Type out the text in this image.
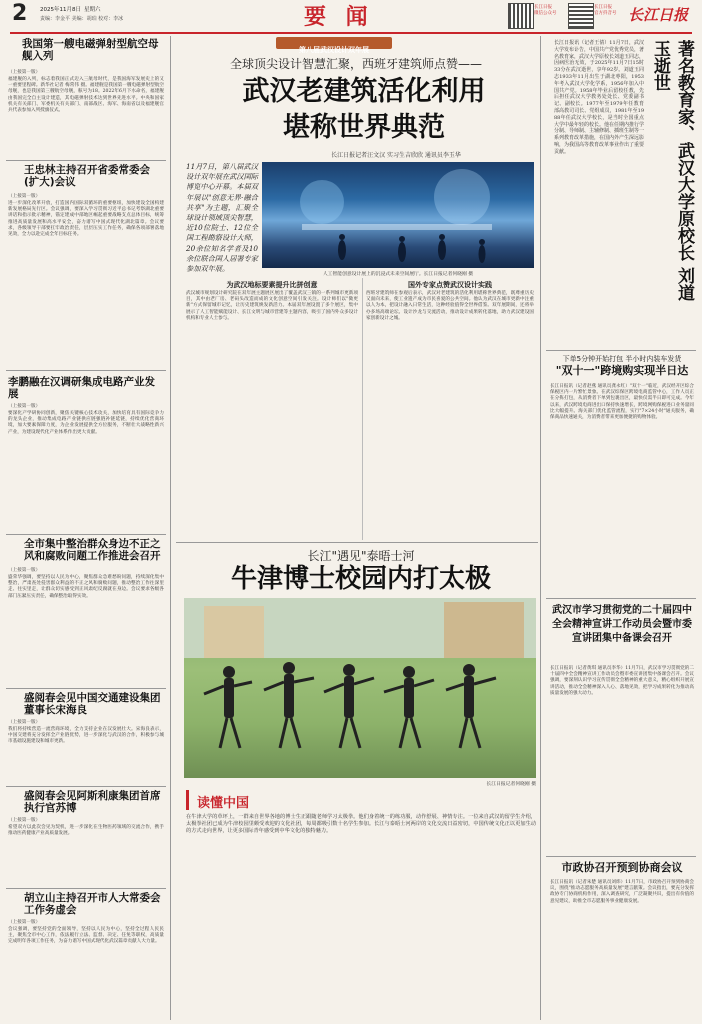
2 2025年11月8日 星期六
责编：李金平 美编：胡珀 校对：李冰	要 闻	长江日报
微信公众号
长江日报
官方抖音号 长江日报
我国第一艘电磁弹射型航空母舰入列
（上接第一版）
福建舰的入列，标志着我国正式迈入三航母时代，是我国海军发展史上的又一重要里程碑。新华社记者 梅常伟 摄。福建舰是我国第一艘电磁弹射型航空母舰，也是我国第三艘航空母舰，舷号为18。2022年6月下水命名，福建舰由我国完全自主设计建造，其电磁弹射技术达到世界先进水平。中央和国家机关有关部门、军委机关有关部门、南部战区、海军、海南省以及福建舰官兵代表参加入列授旗仪式。
王忠林主持召开省委常委会(扩大)会议
（上接第一版）
进一步深化改革开放，打造国内国际双循环的重要枢纽，加快建设全国构建新发展格局先行区。会议强调，要深入学习贯彻习近平总书记考察湖北重要讲话和指示批示精神，锚定建成中部地区崛起重要战略支点总体目标，统筹推进高质量发展和高水平安全，奋力谱写中国式现代化湖北篇章。会议要求，各级领导干部要扛牢政治责任，层层压实工作任务，确保各项部署落地见效，全力以赴完成全年目标任务。
李鹏融在汉调研集成电路产业发展
（上接第一版）
要深化产学研协同创新，聚焦关键核心技术攻关，加快培育具有国际竞争力的龙头企业，推动集成电路产业链供应链强链补链延链，持续优化营商环境，加大要素保障力度，为企业发展提供全方位服务，不断壮大战略性新兴产业，为建设现代化产业体系作出更大贡献。
全市集中整治群众身边不正之风和腐败问题工作推进会召开
（上接第一版）
盛荣华强调，要坚持以人民为中心，聚焦群众急难愁盼问题，持续深化集中整治，严肃查处侵害群众利益的不正之风和腐败问题，推动整治工作往深里走、往实里走，让群众切实感受到正风肃纪反腐就在身边。会议要求各级各部门压紧压实责任，确保整治取得实效。
盛阅春会见中国交通建设集团董事长宋海良
（上接第一版）
我们将持续营造一流营商环境，全力支持企业在汉发展壮大。宋海良表示，中国交建将充分发挥全产业链优势，进一步深化与武汉的合作，积极参与城市基础设施建设和城市更新。
盛阅春会见阿斯利康集团首席执行官苏博
（上接第一版）
希望双方以此次会见为契机，进一步深化在生物医药领域的交流合作，携手推动医药健康产业高质量发展。
胡立山主持召开市人大常委会工作务虚会
（上接第一版）
会议强调，要坚持党的全面领导，坚持以人民为中心，坚持全过程人民民主，聚焦全市中心工作，依法履行立法、监督、决定、任免等职权，高质量完成明年各项工作任务，为奋力谱写中国式现代化武汉篇章贡献人大力量。
第八届武汉设计双年展
全球顶尖设计智慧汇聚，西班牙建筑师点赞——
武汉老建筑活化利用
堪称世界典范
长江日报记者汪文汉 实习生吉欣欣 通讯员李玉华
11月7日，第八届武汉设计双年展在武汉国际博览中心开幕。本届双年展以"创意无界·融合共享"为主题，汇聚全球设计领域顶尖智慧，近10位院士、12位全国工程勘察设计大师，20余位知名学者及10余位联合国人居署专家参加双年展。
人工智能创意设计展上的沉浸式未来空间展厅。长江日报记者何晓刚 摄
为武汉地标要素提升比拼创意
武汉城市规划设计研究院在双年展主题展区展出了覆盖武汉三镇的一系列城市更新项目，其中由老厂房、老码头改造而成的文化创意空间引发关注。设计师们以"微更新"方式保留城市记忆，让历史建筑焕发新活力。本届双年展设置了多个展区，集中展示了人工智能赋能设计、长江文明与城市营建等主题内容，吸引了国内外众多设计机构和专业人士参与。
国外专家点赞武汉设计实践
西班牙建筑师在参观后表示，武汉对老建筑的活化利用堪称世界典范，既尊重历史又面向未来，使工业遗产成为市民喜爱的公共空间。他认为武汉在城市更新中注重以人为本，把设计融入日常生活，这种经验值得全世界借鉴。双年展期间，还将举办多场高端论坛、设计沙龙与交流活动，推动设计成果转化落地，助力武汉建设国家创新设计之城。
长江"遇见"泰晤士河
牛津博士校园内打太极
长江日报记者何晓刚 摄
读懂中国
在牛津大学的草坪上，一群来自世界各地的博士生正跟随老师学习太极拳。他们身着统一的练功服，动作舒展、神情专注。一位来自武汉的留学生介绍，太极拳社团已成为牛津校园里颇受欢迎的文化社团，每周都吸引数十名学生参加。长江与泰晤士河两岸的文化交流日益密切，中国传统文化正以更加生动的方式走向世界，让更多国际青年感受到中华文化的独特魅力。
著名教育家、武汉大学原校长 刘道玉逝世
长江日报讯（记者王倩）11月7日，武汉大学发布讣告，中国共产党优秀党员，著名教育家，武汉大学原校长刘道玉同志，因病医治无效，于2025年11月7日15时33分在武汉逝世，享年92岁。刘道玉同志1933年11月出生于湖北枣阳，1953年考入武汉大学化学系，1956年加入中国共产党。1958年毕业后留校任教，先后担任武汉大学教务处处长、党委副书记、副校长。1977年至1979年任教育部高教司司长、党组成员，1981年至1988年任武汉大学校长，是当时全国重点大学中最年轻的校长。他在任期内推行学分制、导师制、主辅修制、插班生制等一系列教育改革措施，在国内外产生深远影响，为我国高等教育改革事业作出了重要贡献。
下单5分钟开始打包 半小时内装车发货
"双十一"跨境购实现半日达
长江日报讯（记者赵燕 通讯员龚永红）"双十一"临近，武汉经开区综合保税区内一片繁忙景象。在武汉综保区跨境电商监管中心，工作人员正在分拣打包，从消费者下单到包裹出区，最快仅需半日即可完成。今年以来，武汉跨境电商进出口保持快速增长，跨境网购保税进口业务量同比大幅提升。海关部门优化监管流程，实行"7×24小时"通关服务，确保商品快速通关，为消费者带来更加便捷的购物体验。
武汉市学习贯彻党的二十届四中全会精神宣讲工作动员会暨市委宣讲团集中备课会召开
长江日报讯（记者黄琪 通讯员李华）11月7日，武汉市学习贯彻党的二十届四中全会精神宣讲工作动员会暨市委宣讲团集中备课会召开。会议强调，要深刻认识学习宣传贯彻全会精神的重大意义，精心组织开展宣讲活动，推动全会精神深入人心、落地见效，把学习成果转化为推动高质量发展的强大动力。
市政协召开预到协商会议
长江日报讯（记者朱楚 通讯员刘炜）11月7日，市政协召开预到协商会议，围绕"推动志愿服务高质量发展"建言献策。会议指出，要充分发挥政协专门协商机构作用，深入调查研究，广泛凝聚共识，提出有价值的意见建议，助推全市志愿服务事业健康发展。
